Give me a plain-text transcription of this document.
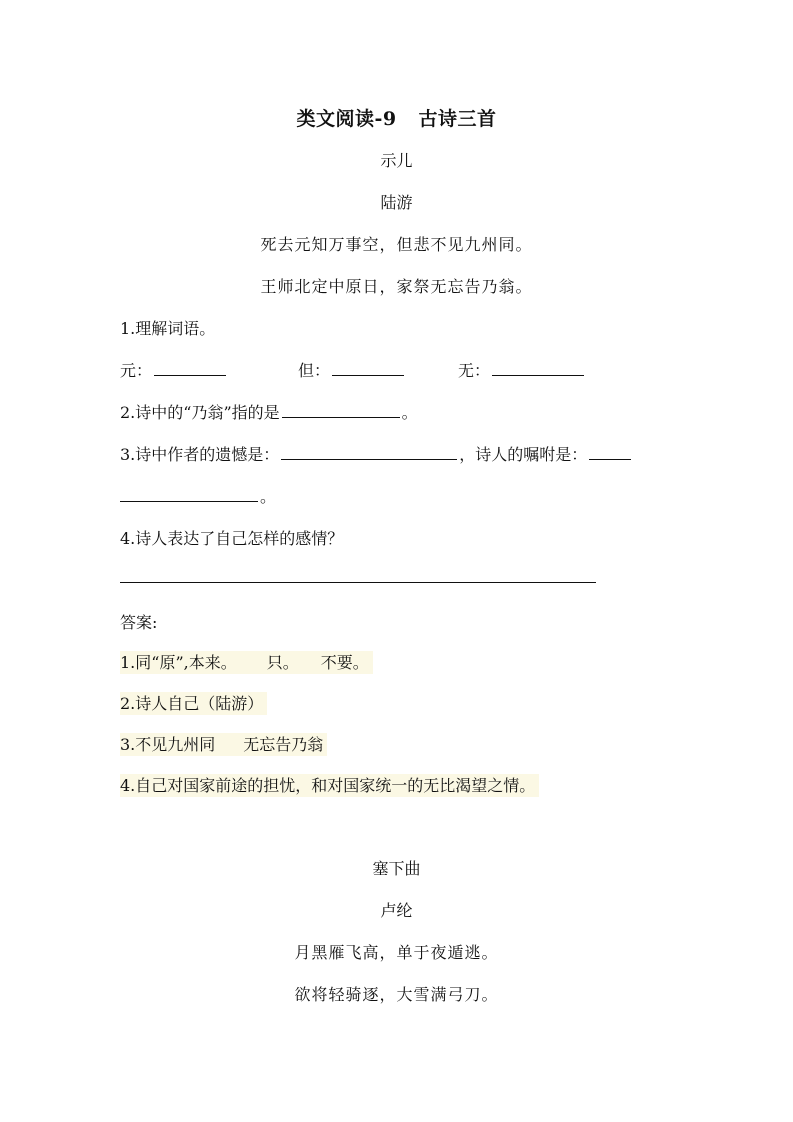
类文阅读-9 古诗三首
示儿
陆游
死去元知万事空，但悲不见九州同。
王师北定中原日，家祭无忘告乃翁。
1.理解词语。
元：	但：	无：
2.诗中的“乃翁”指的是	。
3.诗中作者的遗憾是：	，诗人的嘱咐是：
。
4.诗人表达了自己怎样的感情？
答案:
1.同“原”,本来。 只。 不要。
2.诗人自己（陆游）
3.不见九州同 无忘告乃翁
4.自己对国家前途的担忧，和对国家统一的无比渴望之情。
塞下曲
卢纶
月黑雁飞高，单于夜遁逃。
欲将轻骑逐，大雪满弓刀。
